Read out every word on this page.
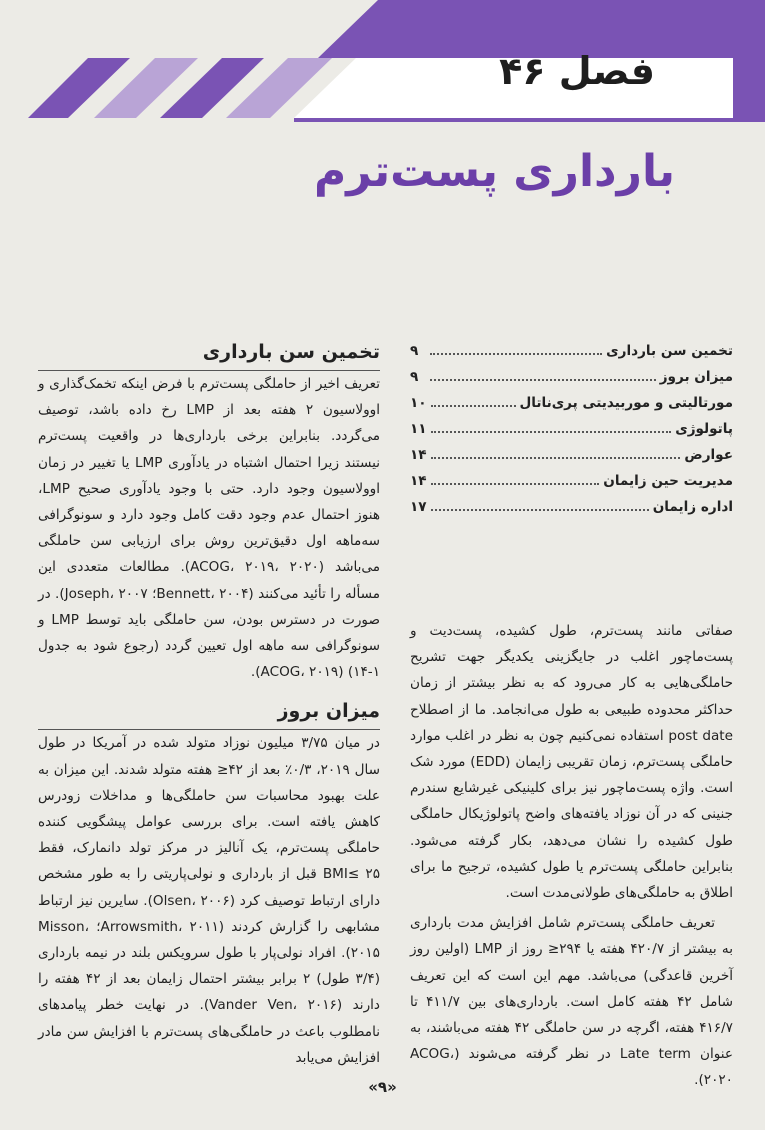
فصل ۴۶
بارداری پست‌ترم
تخمین سن بارداری
۹
میزان بروز
۹
مورتالیتی و موربیدیتی پری‌ناتال
۱۰
پاتولوژی
۱۱
عوارض
۱۴
مدیریت حین زایمان
۱۴
اداره زایمان
۱۷

صفاتی مانند پست‌ترم، طول کشیده، پست‌دیت و پست‌ماچور اغلب در جایگزینی یکدیگر جهت تشریح حاملگی‌هایی به کار می‌رود که به نظر بیشتر از زمان حداکثر محدوده طبیعی به طول می‌انجامد. ما از اصطلاح post date استفاده نمی‌کنیم چون به نظر در اغلب موارد حاملگی پست‌ترم، زمان تقریبی زایمان (EDD) مورد شک است. واژه پست‌ماچور نیز برای کلینیکی غیرشایع سندرم جنینی که در آن نوزاد یافته‌های واضح پاتولوژیکال حاملگی طول کشیده را نشان می‌دهد، بکار گرفته می‌شود. بنابراین حاملگی پست‌ترم یا طول کشیده، ترجیح ما برای اطلاق به حاملگی‌های طولانی‌مدت است.

تعریف حاملگی پست‌ترم شامل افزایش مدت بارداری به بیشتر از ۴۲۰/۷ هفته یا ۲۹۴≤ روز از LMP (اولین روز آخرین قاعدگی) می‌باشد. مهم این است که این تعریف شامل ۴۲ هفته کامل است. بارداری‌های بین ۴۱۱/۷ تا ۴۱۶/۷ هفته، اگرچه در سن حاملگی ۴۲ هفته می‌باشند، به عنوان Late term در نظر گرفته می‌شوند (ACOG، ۲۰۲۰).

تخمین سن بارداری

تعریف اخیر از حاملگی پست‌ترم با فرض اینکه تخمک‌گذاری و اوولاسیون ۲ هفته بعد از LMP رخ داده باشد، توصیف می‌گردد. بنابراین برخی بارداری‌ها در واقعیت پست‌ترم نیستند زیرا احتمال اشتباه در یادآوری LMP یا تغییر در زمان اوولاسیون وجود دارد. حتی با وجود یادآوری صحیح LMP، هنوز احتمال عدم وجود دقت کامل وجود دارد و سونوگرافی سه‌ماهه اول دقیق‌ترین روش برای ارزیابی سن حاملگی می‌باشد (ACOG، ۲۰۱۹، ۲۰۲۰). مطالعات متعددی این مسأله را تأئید می‌کنند (Bennett، ۲۰۰۴؛ Joseph، ۲۰۰۷). در صورت در دسترس بودن، سن حاملگی باید توسط LMP و سونوگرافی سه ماهه اول تعیین گردد (رجوع شود به جدول ۱-۱۴) (ACOG، ۲۰۱۹).

میزان بروز

در میان ۳/۷۵ میلیون نوزاد متولد شده در آمریکا در طول سال ۲۰۱۹، ۰/۳٪ بعد از ۴۲≤ هفته متولد شدند. این میزان به علت بهبود محاسبات سن حاملگی‌ها و مداخلات زودرس کاهش یافته است. برای بررسی عوامل پیشگویی کننده حاملگی پست‌ترم، یک آنالیز در مرکز تولد دانمارک، فقط BMI≤ ۲۵ قبل از بارداری و نولی‌پاریتی را به طور مشخص دارای ارتباط توصیف کرد (Olsen، ۲۰۰۶). سایرین نیز ارتباط مشابهی را گزارش کردند (Arrowsmith، ۲۰۱۱؛ Misson، ۲۰۱۵). افراد نولی‌پار با طول سرویکس بلند در نیمه بارداری (۳/۴ طول) ۲ برابر بیشتر احتمال زایمان بعد از ۴۲ هفته را دارند (Vander Ven، ۲۰۱۶). در نهایت خطر پیامدهای نامطلوب باعث در حاملگی‌های پست‌ترم با افزایش سن مادر افزایش می‌یابد

«۹»
